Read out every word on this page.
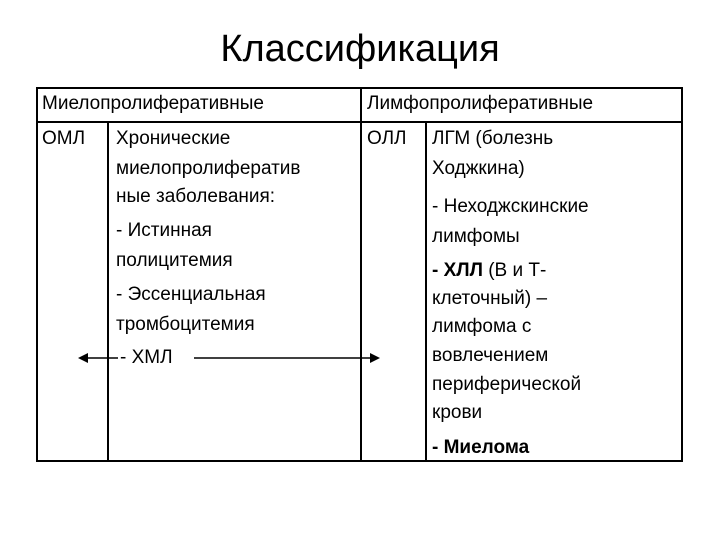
Классификация
Миелопролиферативные	Лимфопролиферативные
ОМЛ Хронические
миелопролифератив
ные заболевания:
- Истинная
полицитемия
- Эссенциальная
тромбоцитемия
- ХМЛ
ОЛЛ ЛГМ (болезнь
Ходжкина)
- Неходжскинские
лимфомы
- ХЛЛ (В и Т-
клеточный) –
лимфома с
вовлечением
периферической
крови
- Миелома
